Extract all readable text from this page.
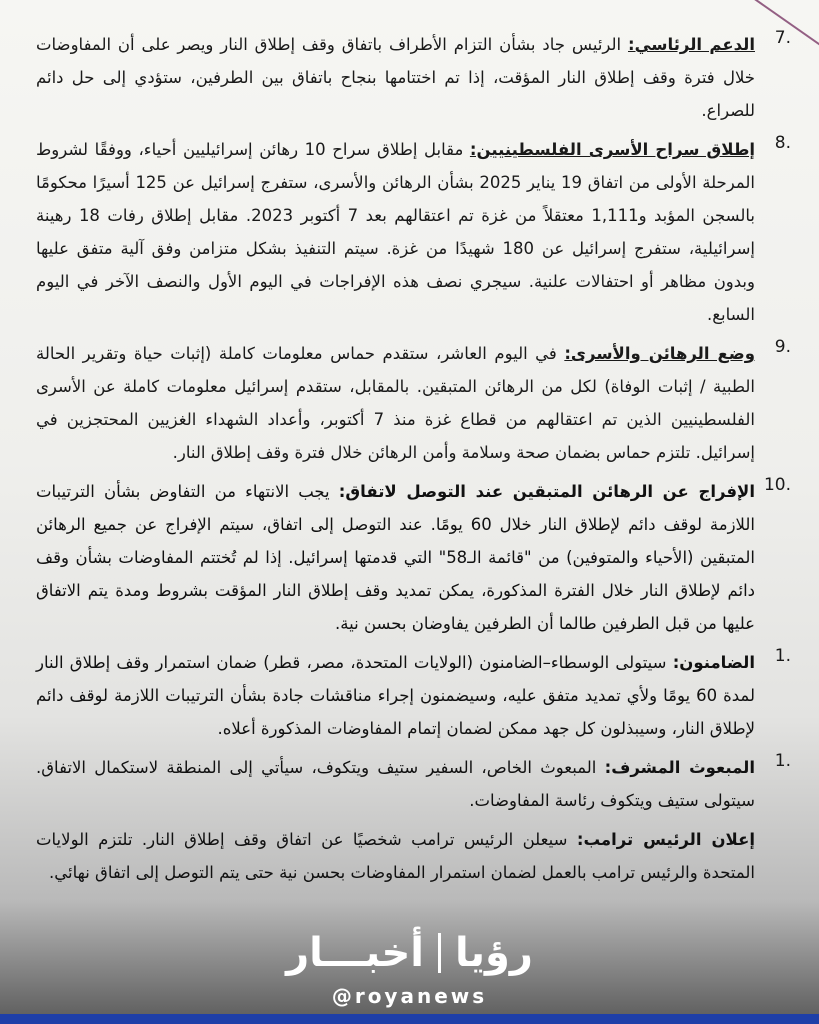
7.

الدعم الرئاسي: الرئيس جاد بشأن التزام الأطراف باتفاق وقف إطلاق النار ويصر على أن المفاوضات خلال فترة وقف إطلاق النار المؤقت، إذا تم اختتامها بنجاح باتفاق بين الطرفين، ستؤدي إلى حل دائم للصراع.

8.

إطلاق سراح الأسرى الفلسطينيين: مقابل إطلاق سراح 10 رهائن إسرائيليين أحياء، ووفقًا لشروط المرحلة الأولى من اتفاق 19 يناير 2025 بشأن الرهائن والأسرى، ستفرج إسرائيل عن 125 أسيرًا محكومًا بالسجن المؤبد و1,111 معتقلاً من غزة تم اعتقالهم بعد 7 أكتوبر 2023. مقابل إطلاق رفات 18 رهينة إسرائيلية، ستفرج إسرائيل عن 180 شهيدًا من غزة. سيتم التنفيذ بشكل متزامن وفق آلية متفق عليها وبدون مظاهر أو احتفالات علنية. سيجري نصف هذه الإفراجات في اليوم الأول والنصف الآخر في اليوم السابع.

9.

وضع الرهائن والأسرى: في اليوم العاشر، ستقدم حماس معلومات كاملة (إثبات حياة وتقرير الحالة الطبية / إثبات الوفاة) لكل من الرهائن المتبقين. بالمقابل، ستقدم إسرائيل معلومات كاملة عن الأسرى الفلسطينيين الذين تم اعتقالهم من قطاع غزة منذ 7 أكتوبر، وأعداد الشهداء الغزيين المحتجزين في إسرائيل. تلتزم حماس بضمان صحة وسلامة وأمن الرهائن خلال فترة وقف إطلاق النار.

10.

الإفراج عن الرهائن المتبقين عند التوصل لاتفاق: يجب الانتهاء من التفاوض بشأن الترتيبات اللازمة لوقف دائم لإطلاق النار خلال 60 يومًا. عند التوصل إلى اتفاق، سيتم الإفراج عن جميع الرهائن المتبقين (الأحياء والمتوفين) من "قائمة الـ58" التي قدمتها إسرائيل. إذا لم تُختتم المفاوضات بشأن وقف دائم لإطلاق النار خلال الفترة المذكورة، يمكن تمديد وقف إطلاق النار المؤقت بشروط ومدة يتم الاتفاق عليها من قبل الطرفين طالما أن الطرفين يفاوضان بحسن نية.

1.

الضامنون: سيتولى الوسطاء–الضامنون (الولايات المتحدة، مصر، قطر) ضمان استمرار وقف إطلاق النار لمدة 60 يومًا ولأي تمديد متفق عليه، وسيضمنون إجراء مناقشات جادة بشأن الترتيبات اللازمة لوقف دائم لإطلاق النار، وسيبذلون كل جهد ممكن لضمان إتمام المفاوضات المذكورة أعلاه.

1.

المبعوث المشرف: المبعوث الخاص، السفير ستيف ويتكوف، سيأتي إلى المنطقة لاستكمال الاتفاق. سيتولى ستيف ويتكوف رئاسة المفاوضات.

إعلان الرئيس ترامب: سيعلن الرئيس ترامب شخصيًا عن اتفاق وقف إطلاق النار. تلتزم الولايات المتحدة والرئيس ترامب بالعمل لضمان استمرار المفاوضات بحسن نية حتى يتم التوصل إلى اتفاق نهائي.

رؤيا
أخبـــار
@royanews
